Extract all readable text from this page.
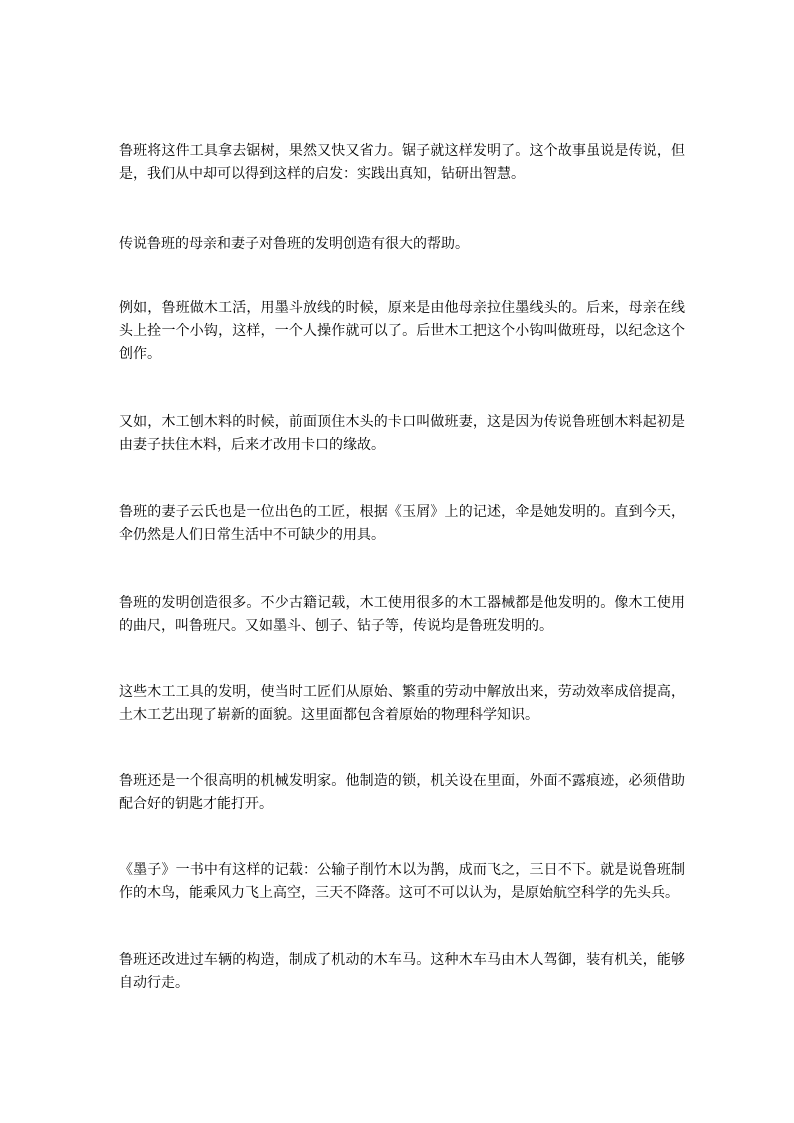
鲁班将这件工具拿去锯树，果然又快又省力。锯子就这样发明了。这个故事虽说是传说，但是，我们从中却可以得到这样的启发：实践出真知，钻研出智慧。

传说鲁班的母亲和妻子对鲁班的发明创造有很大的帮助。

例如，鲁班做木工活，用墨斗放线的时候，原来是由他母亲拉住墨线头的。后来，母亲在线头上拴一个小钩，这样，一个人操作就可以了。后世木工把这个小钩叫做班母，以纪念这个创作。

又如，木工刨木料的时候，前面顶住木头的卡口叫做班妻，这是因为传说鲁班刨木料起初是由妻子扶住木料，后来才改用卡口的缘故。

鲁班的妻子云氏也是一位出色的工匠，根据《玉屑》上的记述，伞是她发明的。直到今天，伞仍然是人们日常生活中不可缺少的用具。

鲁班的发明创造很多。不少古籍记载，木工使用很多的木工器械都是他发明的。像木工使用的曲尺，叫鲁班尺。又如墨斗、刨子、钻子等，传说均是鲁班发明的。

这些木工工具的发明，使当时工匠们从原始、繁重的劳动中解放出来，劳动效率成倍提高，土木工艺出现了崭新的面貌。这里面都包含着原始的物理科学知识。

鲁班还是一个很高明的机械发明家。他制造的锁，机关设在里面，外面不露痕迹，必须借助配合好的钥匙才能打开。

《墨子》一书中有这样的记载：公输子削竹木以为鹊，成而飞之，三日不下。就是说鲁班制作的木鸟，能乘风力飞上高空，三天不降落。这可不可以认为，是原始航空科学的先头兵。

鲁班还改进过车辆的构造，制成了机动的木车马。这种木车马由木人驾御，装有机关，能够自动行走。
